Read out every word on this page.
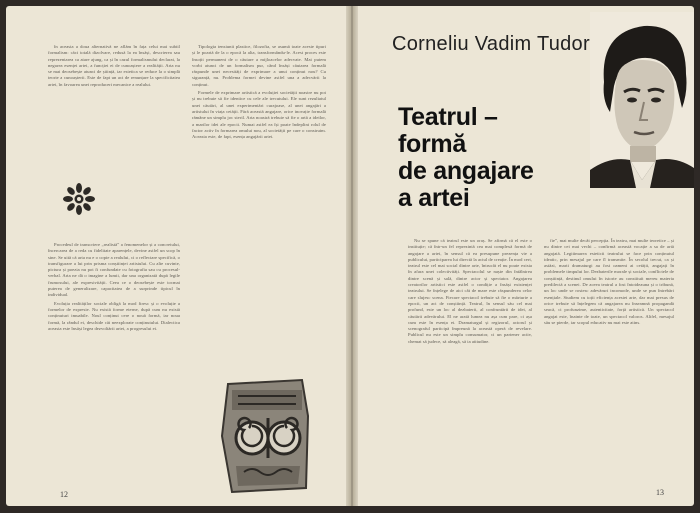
în aceasta a doua alternativă ne aflăm în fața celui mai subtil formalism: căci totală dizolvare, redusă la ea însăși, descrierea sau reprezentarea ca atare ajung, ca și în cazul formalismului declarat, la negarea esenței artei, a funcției ei de cunoaștere a realității. Arta nu se mai deosebește atunci de știință, iar estetica se reduce la o simplă teorie a cunoașterii. Este de fapt un act de renunțare la specificitatea artei, în favoarea unei reproduceri mecanice a realului.

Procedeul de transcriere „realistă” a fenomenelor și a concretului, încercarea de a reda cu fidelitate aparențele, devine astfel un scop în sine. Se uită că arta nu e o copie a realului, ci o reflectare specifică, o transfigurare a lui prin prisma conștiinței artistului. Cu alte cuvinte, pictura și poezia nu pot fi confundate cu fotografia sau cu procesul-verbal. Arta ne dă o imagine a lumii, dar una organizată după legile frumosului, ale expresivității. Ceea ce o deosebește este tocmai puterea de generalizare, capacitatea de a surprinde tipicul în individual.

Evoluția realităților sociale obligă la mod firesc și o evoluție a formelor de expresie. Nu există forme eterne, după cum nu există conținuturi imuabile. Noul conținut cere o nouă formă, iar noua formă, la rândul ei, deschide căi neexplorate conținutului. Dialectica aceasta este însăși legea dezvoltării artei, a progresului ei.

Tipologia tensiunii plastice, filozofia, se asumă toate aceste tipuri și le poartă de la o epocă la alta, transformându-le. Acest proces este însoțit permanent de o căutare a mijloacelor adecvate. Mai putem vorbi atunci de un formalism pur, când însăși căutarea formală răspunde unei necesități de exprimare a unui conținut nou? Cu siguranță, nu. Problema formei devine astfel una a adecvării la conținut.

Formele de exprimare artistică a evoluției societății noastre nu pot și nu trebuie să fie identice cu cele ale trecutului. Ele sunt rezultatul unei căutări, al unei experimentări curajoase, al unei angajări a artistului în viața cetății. Fără această angajare, orice inovație formală rămâne un simplu joc steril. Arta noastră trebuie să fie o artă a ideilor, a marilor idei ale epocii. Numai astfel ea își poate îndeplini rolul de factor activ în formarea omului nou, al societății pe care o construim. Aceasta este, de fapt, esența angajării artei.

12
Corneliu Vadim Tudor
Teatrul –
formă
de angajare
a artei

Nu se spune că teatrul este un oraș. Se afirmă că el este o instituție; că într-un fel reprezintă cea mai complexă formă de angajare a artei, în sensul că ea presupune prezența vie a publicului, participarea lui directă la actul de creație. În mod cert, teatrul este cel mai social dintre arte, întrucât el nu poate exista în afara unei colectivități. Spectacolul se naște din întâlnirea dintre scenă și sală, dintre actor și spectator. Angajarea creatorilor artistici este astfel o condiție a însăși existenței teatrului. Se înțelege de aici cât de mare este răspunderea celor care slujesc scena. Fiecare spectacol trebuie să fie o mărturie a epocii, un act de conștiință. Teatrul, în sensul său cel mai profund, este un loc al dezbaterii, al confruntării de idei, al căutării adevărului. El ne arată lumea nu așa cum pare, ci așa cum este în esența ei. Dramaturgul și regizorul, actorul și scenograful participă împreună la această operă de revelare. Publicul nu este un simplu consumator, ci un partener activ, chemat să judece, să aleagă, să ia atitudine.

fie”, mai multe decât percepția. În teatru, mai multe teoretice – și nu dintre cei mai vechi – confirmă această vocație a sa de artă angajată. Legitimarea esteticii teatrului se face prin conținutul ideatic, prin mesajul pe care îl transmite. În secolul trecut, ca și astăzi, marii dramaturgi au fost oameni ai cetății, angajați în problemele timpului lor. Dezbaterile morale și sociale, conflictele de conștiință, destinul omului în istorie au constituit mereu materia predilectă a scenei. De aceea teatrul a fost întotdeauna și o tribună, un loc unde se rostesc adevăruri incomode, unde se pun întrebări esențiale. Studiem cu toții eficiența acestei arte, dar mai presus de orice trebuie să înțelegem că angajarea nu înseamnă propagandă seacă, ci profunzime, autenticitate, forță artistică. Un spectacol angajat este, înainte de toate, un spectacol valoros. Altfel, mesajul său se pierde, iar scopul educativ nu mai este atins.

13
